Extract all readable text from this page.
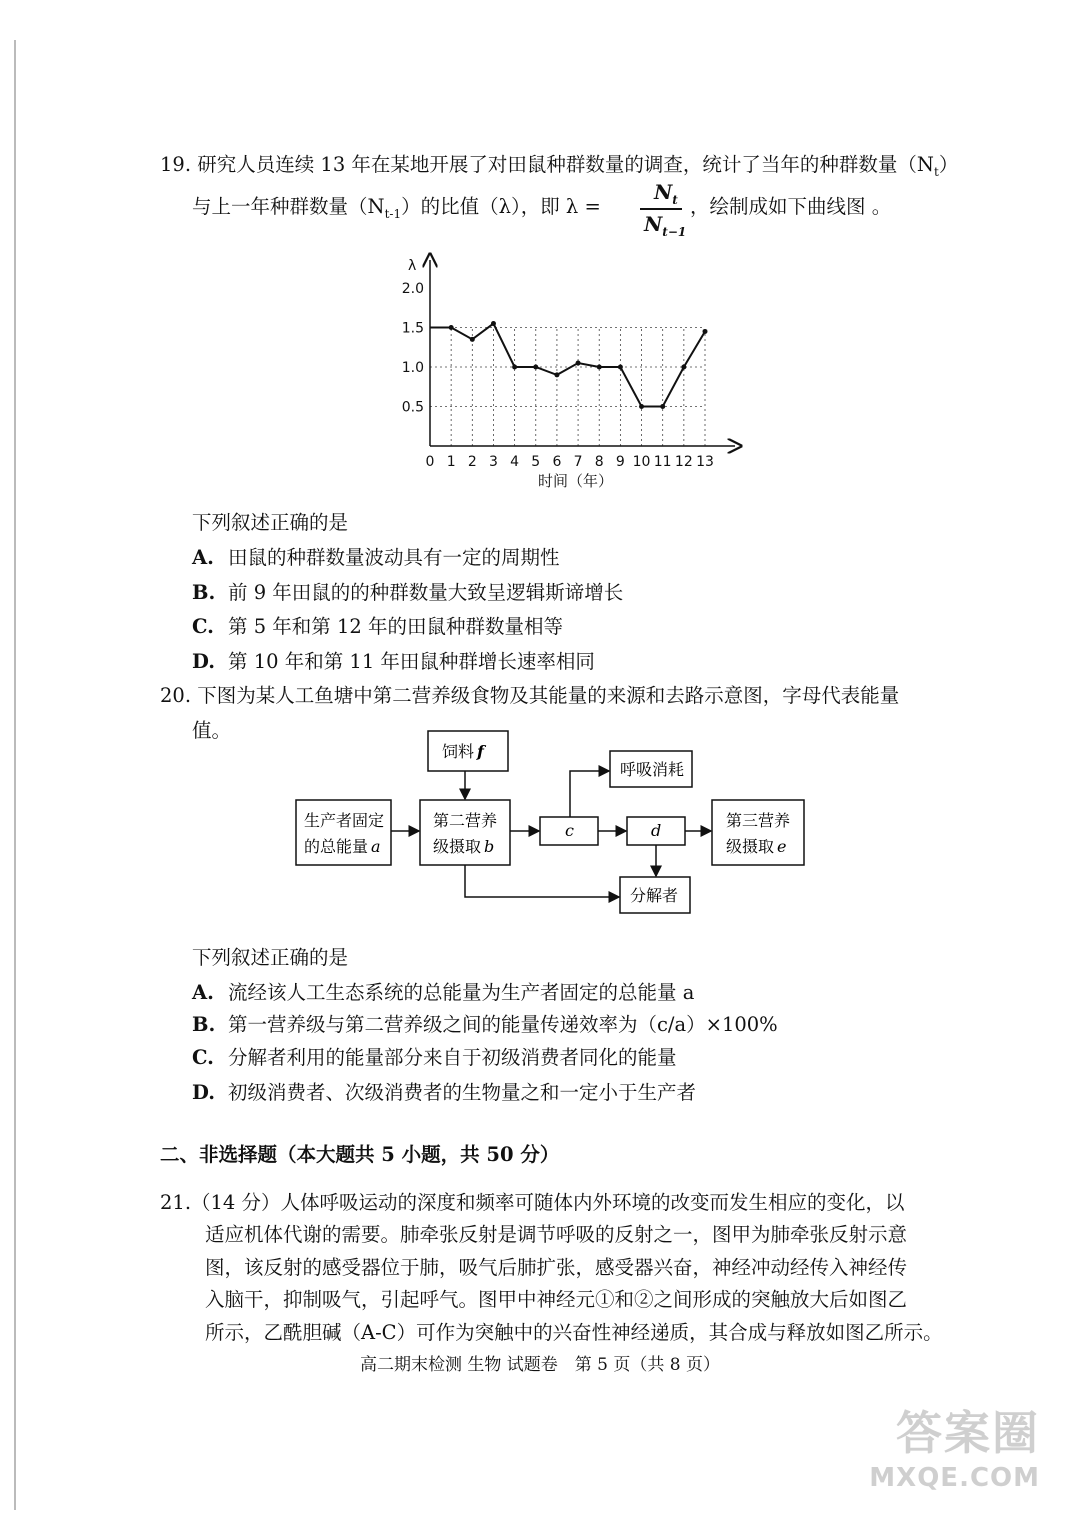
19. 研究人员连续 13 年在某地开展了对田鼠种群数量的调查，统计了当年的种群数量$(N_t)$
与上一年种群数量$(N_{t-1})$的比值（λ），即 λ =
$N_t$
$N_{t-1}$
，绘制成如下曲线图 。
0.5
1.0
1.5
2.0
0 1 2 3 4 5 6 7 8 9 10 11 12 13
λ
时间（年）
下列叙述正确的是
A. 田鼠的种群数量波动具有一定的周期性
B. 前 9 年田鼠的的种群数量大致呈逻辑斯谛增长
C. 第 5 年和第 12 年的田鼠种群数量相等
D. 第 10 年和第 11 年田鼠种群增长速率相同
20. 下图为某人工鱼塘中第二营养级食物及其能量的来源和去路示意图，字母代表能量
值。
饲料 f
生产者固定
的总能量 a
第二营养
级摄取 b
c
呼吸消耗
d
第三营养
级摄取 e
分解者
下列叙述正确的是
A. 流经该人工生态系统的总能量为生产者固定的总能量 a
B. 第一营养级与第二营养级之间的能量传递效率为（c/a）×100%
C. 分解者利用的能量部分来自于初级消费者同化的能量
D. 初级消费者、次级消费者的生物量之和一定小于生产者
二、非选择题（本大题共 5 小题，共 50 分）
21.（14 分）人体呼吸运动的深度和频率可随体内外环境的改变而发生相应的变化，以
适应机体代谢的需要。肺牵张反射是调节呼吸的反射之一，图甲为肺牵张反射示意
图，该反射的感受器位于肺，吸气后肺扩张，感受器兴奋，神经冲动经传入神经传
入脑干，抑制吸气，引起呼气。图甲中神经元①和②之间形成的突触放大后如图乙
所示，乙酰胆碱（A-C）可作为突触中的兴奋性神经递质，其合成与释放如图乙所示。
高二期末检测 生物 试题卷　第 5 页（共 8 页）
答案圈
MXQE.COM
